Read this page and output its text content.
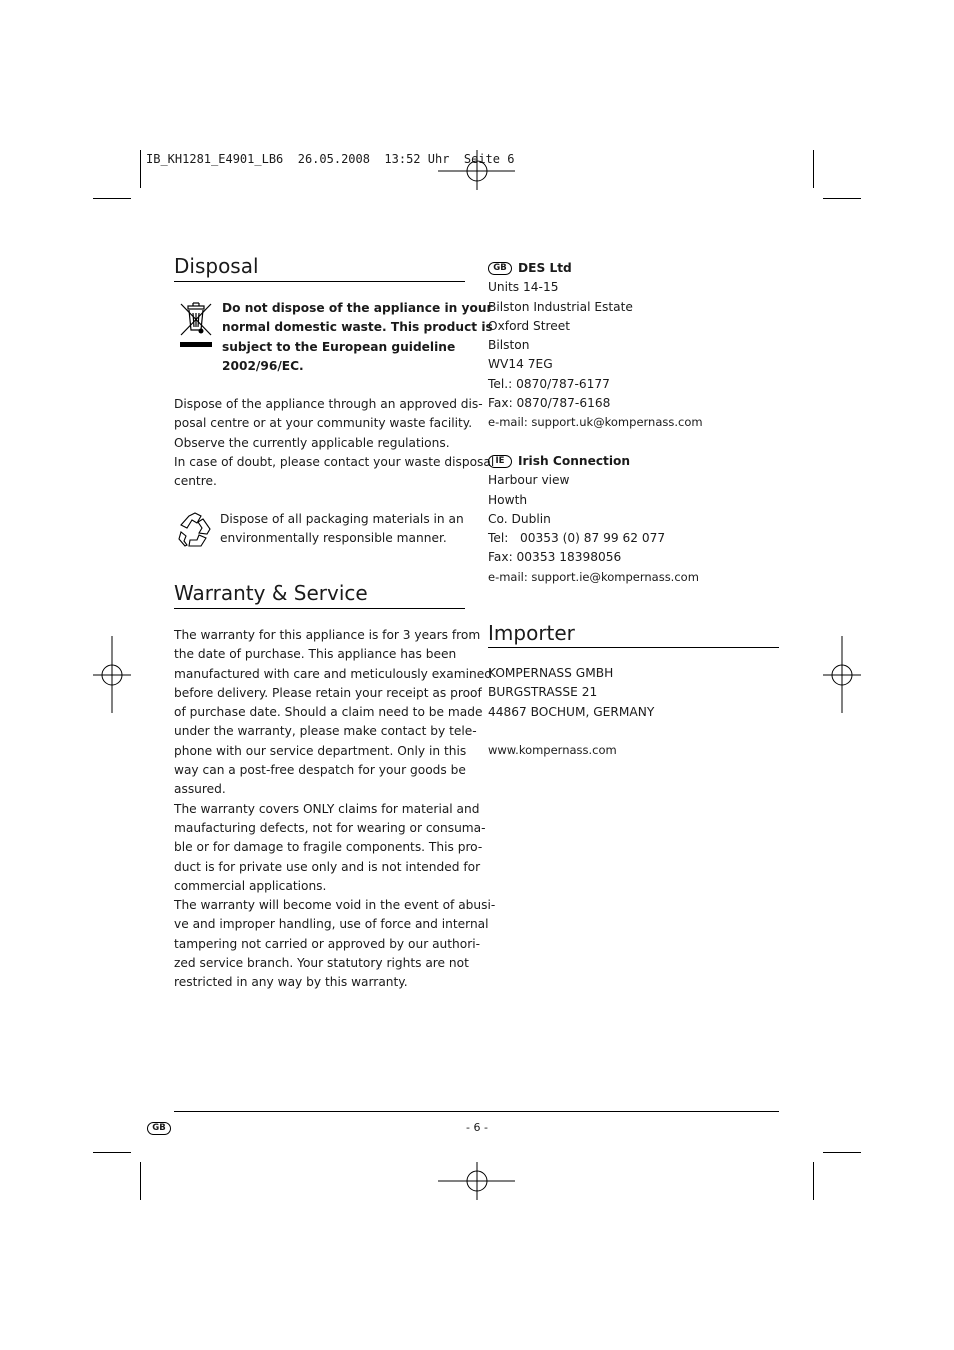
IB_KH1281_E4901_LB6  26.05.2008  13:52 Uhr  Seite 6
Disposal
Do not dispose of the appliance in your
normal domestic waste. This product is
subject to the European guideline
2002/96/EC.
Dispose of the appliance through an approved dis-
posal centre or at your community waste facility.
Observe the currently applicable regulations.
In case of doubt, please contact your waste disposal
centre.
Dispose of all packaging materials in an
environmentally responsible manner.
Warranty & Service
The warranty for this appliance is for 3 years from
the date of purchase. This appliance has been
manufactured with care and meticulously examined
before delivery. Please retain your receipt as proof
of purchase date. Should a claim need to be made
under the warranty, please make contact by tele-
phone with our service department. Only in this
way can a post-free despatch for your goods be
assured.
The warranty covers ONLY claims for material and
maufacturing defects, not for wearing or consuma-
ble or for damage to fragile components. This pro-
duct is for private use only and is not intended for
commercial applications.
The warranty will become void in the event of abusi-
ve and improper handling, use of force and internal
tampering not carried or approved by our authori-
zed service branch. Your statutory rights are not
restricted in any way by this warranty.
GB DES Ltd
Units 14-15
Bilston Industrial Estate
Oxford Street
Bilston
WV14 7EG
Tel.: 0870/787-6177
Fax: 0870/787-6168
e-mail: support.uk@kompernass.com
IE Irish Connection
Harbour view
Howth
Co. Dublin
Tel:   00353 (0) 87 99 62 077
Fax: 00353 18398056
e-mail: support.ie@kompernass.com
Importer
KOMPERNASS GMBH
BURGSTRASSE 21
44867 BOCHUM, GERMANY
www.kompernass.com
GB	- 6 -
